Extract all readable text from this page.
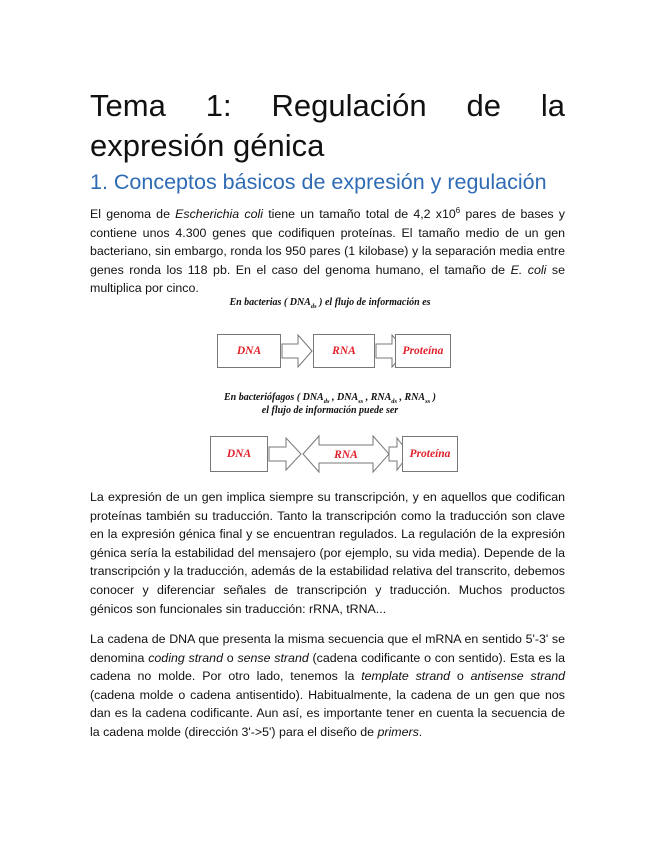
Tema 1: Regulación de la expresión génica
1. Conceptos básicos de expresión y regulación

El genoma de Escherichia coli tiene un tamaño total de 4,2 $x10^6$ pares de bases y contiene unos 4.300 genes que codifiquen proteínas. El tamaño medio de un gen bacteriano, sin embargo, ronda los 950 pares (1 kilobase) y la separación media entre genes ronda los 118 pb. En el caso del genoma humano, el tamaño de E. coli se multiplica por cinco.

En bacterias ( $DNA_{ds}$ ) el flujo de información es
DNA	RNA	Proteína
En bacteriófagos ( $DNA_{ds}$ , $DNA_{ss}$ , $RNA_{ds}$ , $RNA_{ss}$ )
el flujo de información puede ser
DNA	RNA	Proteína

La expresión de un gen implica siempre su transcripción, y en aquellos que codifican proteínas también su traducción. Tanto la transcripción como la traducción son clave en la expresión génica final y se encuentran regulados. La regulación de la expresión génica sería la estabilidad del mensajero (por ejemplo, su vida media). Depende de la transcripción y la traducción, además de la estabilidad relativa del transcrito, debemos conocer y diferenciar señales de transcripción y traducción. Muchos productos génicos son funcionales sin traducción: rRNA, tRNA...

La cadena de DNA que presenta la misma secuencia que el mRNA en sentido 5'-3' se denomina coding strand o sense strand (cadena codificante o con sentido). Esta es la cadena no molde. Por otro lado, tenemos la template strand o antisense strand (cadena molde o cadena antisentido). Habitualmente, la cadena de un gen que nos dan es la cadena codificante. Aun así, es importante tener en cuenta la secuencia de la cadena molde (dirección 3'->5') para el diseño de primers.
